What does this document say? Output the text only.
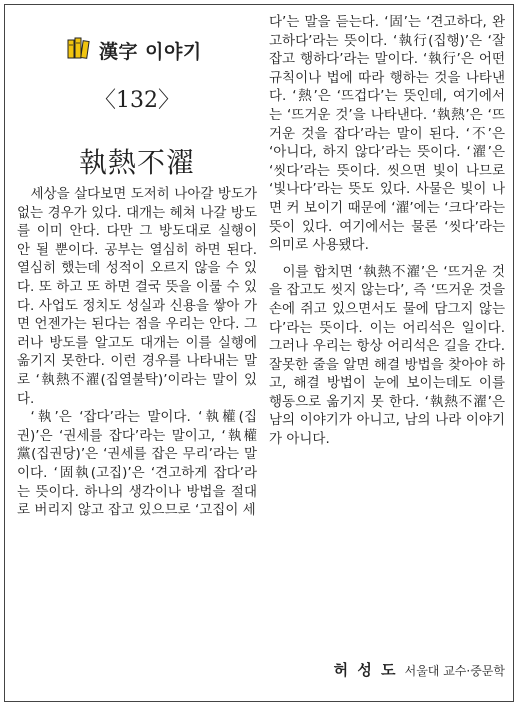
漢字 이야기
〈132〉
執熱不濯

세상을 살다보면 도저히 나아갈 방도가 없는 경우가 있다. 대개는 헤쳐 나갈 방도를 이미 안다. 다만 그 방도대로 실행이 안 될 뿐이다. 공부는 열심히 하면 된다. 열심히 했는데 성적이 오르지 않을 수 있다. 또 하고 또 하면 결국 뜻을 이룰 수 있다. 사업도 정치도 성실과 신용을 쌓아 가면 언젠가는 된다는 점을 우리는 안다. 그러나 방도를 알고도 대개는 이를 실행에 옮기지 못한다. 이런 경우를 나타내는 말로 ‘執熱不濯(집열불탁)’이라는 말이 있다.

‘執’은 ‘잡다’라는 말이다. ‘執權(집권)’은 ‘권세를 잡다’라는 말이고, ‘執權黨(집권당)’은 ‘권세를 잡은 무리’라는 말이다. ‘固執(고집)’은 ‘견고하게 잡다’라는 뜻이다. 하나의 생각이나 방법을 절대로 버리지 않고 잡고 있으므로 ‘고집이 세

다’는 말을 듣는다. ‘固’는 ‘견고하다, 완고하다’라는 뜻이다. ‘執行(집행)’은 ‘잘 잡고 행하다’라는 말이다. ‘執行’은 어떤 규칙이나 법에 따라 행하는 것을 나타낸다. ‘熱’은 ‘뜨겁다’는 뜻인데, 여기에서는 ‘뜨거운 것’을 나타낸다. ‘執熱’은 ‘뜨거운 것을 잡다’라는 말이 된다. ‘不’은 ‘아니다, 하지 않다’라는 뜻이다. ‘濯’은 ‘씻다’라는 뜻이다. 씻으면 빛이 나므로 ‘빛나다’라는 뜻도 있다. 사물은 빛이 나면 커 보이기 때문에 ‘濯’에는 ‘크다’라는 뜻이 있다. 여기에서는 물론 ‘씻다’라는 의미로 사용됐다.

이를 합치면 ‘執熱不濯’은 ‘뜨거운 것을 잡고도 씻지 않는다’, 즉 ‘뜨거운 것을 손에 쥐고 있으면서도 물에 담그지 않는다’라는 뜻이다. 이는 어리석은 일이다. 그러나 우리는 항상 어리석은 길을 간다. 잘못한 줄을 알면 해결 방법을 찾아야 하고, 해결 방법이 눈에 보이는데도 이를 행동으로 옮기지 못 한다. ‘執熱不濯’은 남의 이야기가 아니고, 남의 나라 이야기가 아니다.

허 성 도 서울대 교수·중문학
